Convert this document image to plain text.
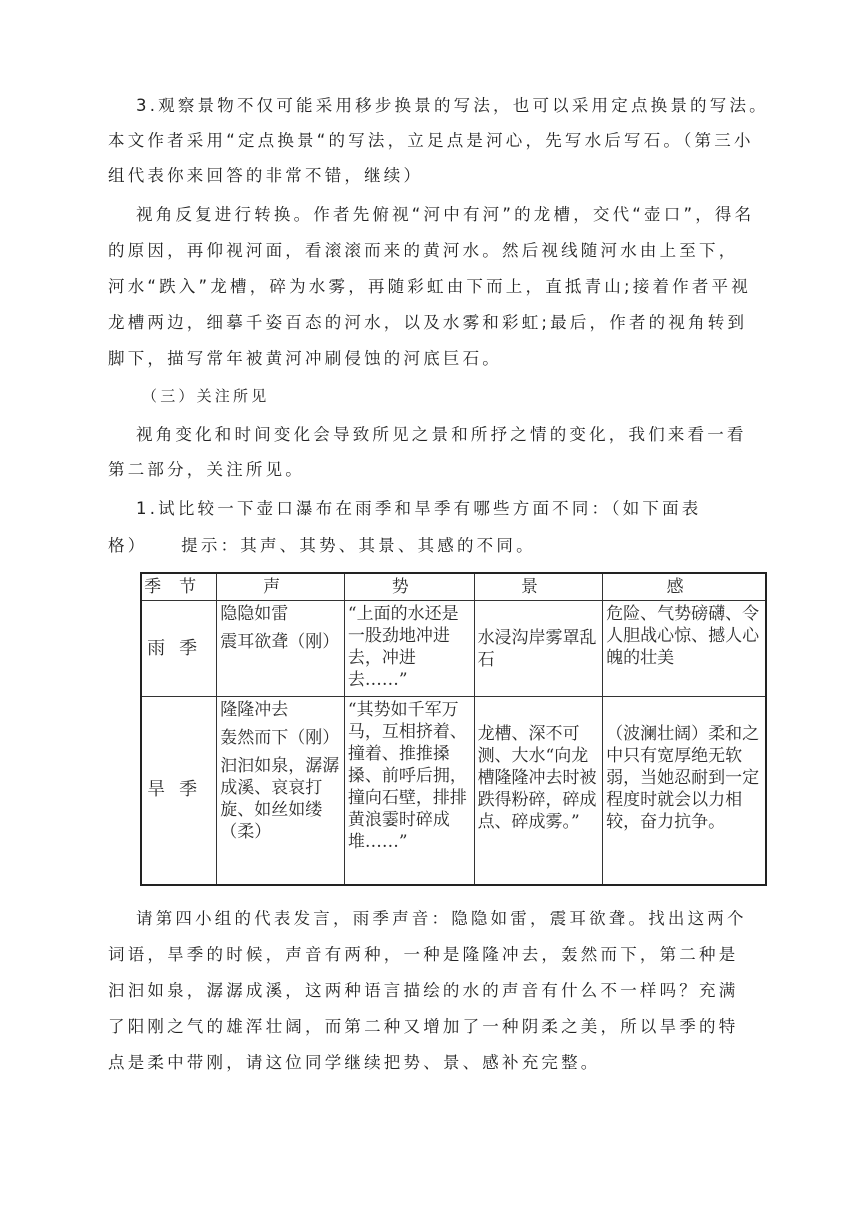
3.观察景物不仅可能采用移步换景的写法，也可以采用定点换景的写法。
本文作者采用“定点换景“的写法，立足点是河心，先写水后写石。（第三小
组代表你来回答的非常不错，继续）
视角反复进行转换。作者先俯视“河中有河”的龙槽，交代“壶口”，得名
的原因，再仰视河面，看滚滚而来的黄河水。然后视线随河水由上至下，
河水“跌入”龙槽，碎为水雾，再随彩虹由下而上，直抵青山;接着作者平视
龙槽两边，细摹千姿百态的河水，以及水雾和彩虹;最后，作者的视角转到
脚下，描写常年被黄河冲刷侵蚀的河底巨石。
（三）关注所见
视角变化和时间变化会导致所见之景和所抒之情的变化，我们来看一看
第二部分，关注所见。
1.试比较一下壶口瀑布在雨季和旱季有哪些方面不同：（如下面表
格）    提示：其声、其势、其景、其感的不同。
季节	声	势	景	感
雨季	隐隐如雷

震耳欲聋（刚）	“上面的水还是一股劲地冲进去，冲进去……”	水浸沟岸雾罩乱石	危险、气势磅礴、令人胆战心惊、撼人心魄的壮美
旱季	隆隆冲去

轰然而下（刚）

汩汩如泉，潺潺成溪、哀哀打旋、如丝如缕（柔）	“其势如千军万马，互相挤着、撞着、推推搡搡、前呼后拥，撞向石壁，排排黄浪霎时碎成堆……”	龙槽、深不可测、大水“向龙槽隆隆冲去时被跌得粉碎，碎成点、碎成雾。”	（波澜壮阔）柔和之中只有宽厚绝无软弱，当她忍耐到一定程度时就会以力相较，奋力抗争。
请第四小组的代表发言，雨季声音：隐隐如雷，震耳欲聋。找出这两个
词语，旱季的时候，声音有两种，一种是隆隆冲去，轰然而下，第二种是
汩汩如泉，潺潺成溪，这两种语言描绘的水的声音有什么不一样吗？充满
了阳刚之气的雄浑壮阔，而第二种又增加了一种阴柔之美，所以旱季的特
点是柔中带刚，请这位同学继续把势、景、感补充完整。
